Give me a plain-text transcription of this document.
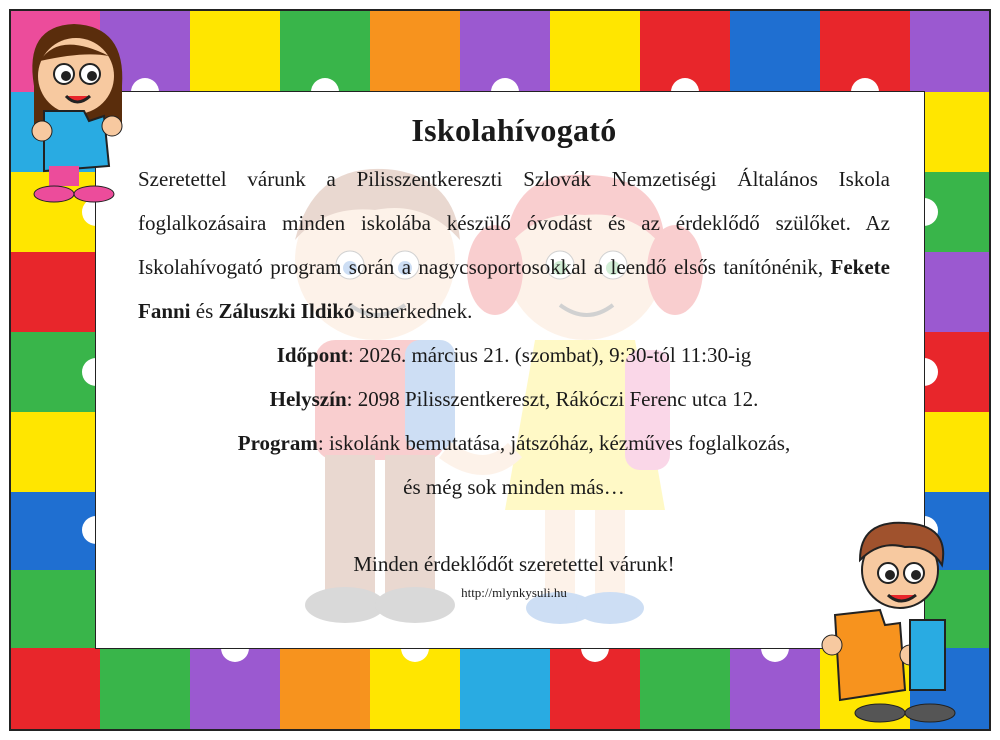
Iskolahívogató

Szeretettel várunk a Pilisszentkereszti Szlovák Nemzetiségi Általános Iskola foglalkozásaira minden iskolába készülő óvodást és az érdeklődő szülőket. Az Iskolahívogató program során a nagycsoportosokkal a leendő elsős tanítónénik, Fekete Fanni és Záluszki Ildikó ismerkednek.

Időpont: 2026. március 21. (szombat), 9:30-tól 11:30-ig

Helyszín: 2098 Pilisszentkereszt, Rákóczi Ferenc utca 12.

Program: iskolánk bemutatása, játszóház, kézműves foglalkozás,

és még sok minden más…

Minden érdeklődőt szeretettel várunk!
http://mlynkysuli.hu
